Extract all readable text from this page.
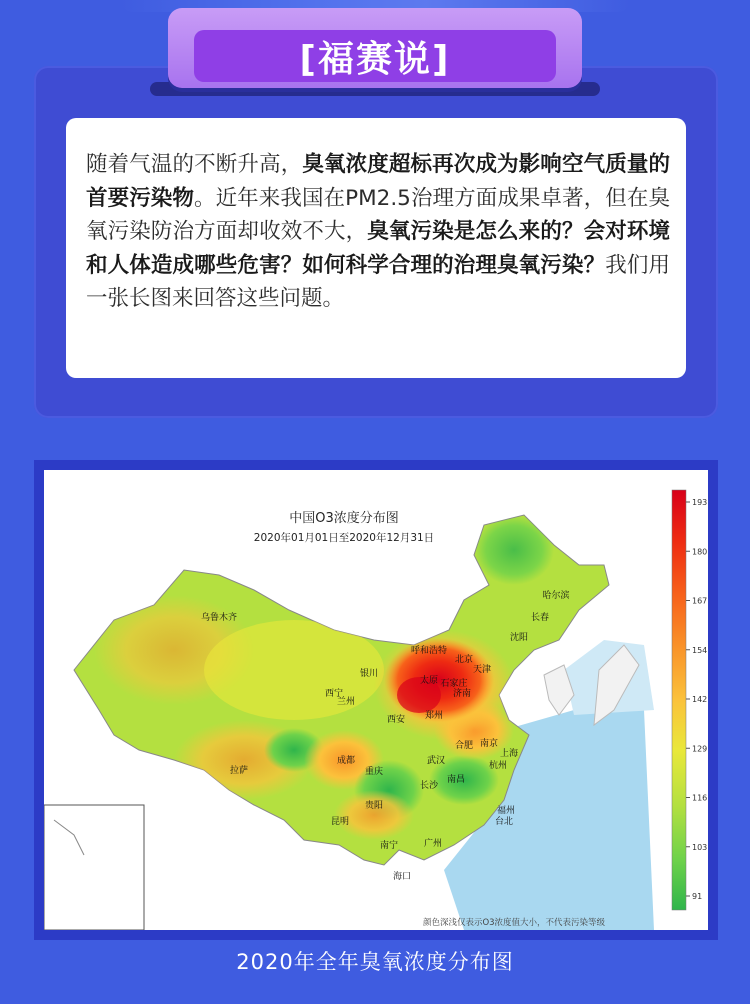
[福赛说]
随着气温的不断升高，臭氧浓度超标再次成为影响空气质量的首要污染物。近年来我国在PM2.5治理方面成果卓著，但在臭氧污染防治方面却收效不大，臭氧污染是怎么来的？会对环境和人体造成哪些危害？如何科学合理的治理臭氧污染？我们用一张长图来回答这些问题。
中国O3浓度分布图
2020年01月01日至2020年12月31日
乌鲁木齐
哈尔滨
长春
沈阳
呼和浩特
北京
天津
银川
太原 石家庄
济南
西宁
兰州
西安 郑州
合肥 南京
上海
杭州
拉萨
成都
重庆
武汉
长沙
南昌
贵阳
昆明
南宁	广州
福州
台北
海口
193
180
167
154
142
129
116
103
91
颜色深浅仅表示O3浓度值大小，不代表污染等级
2020年全年臭氧浓度分布图
